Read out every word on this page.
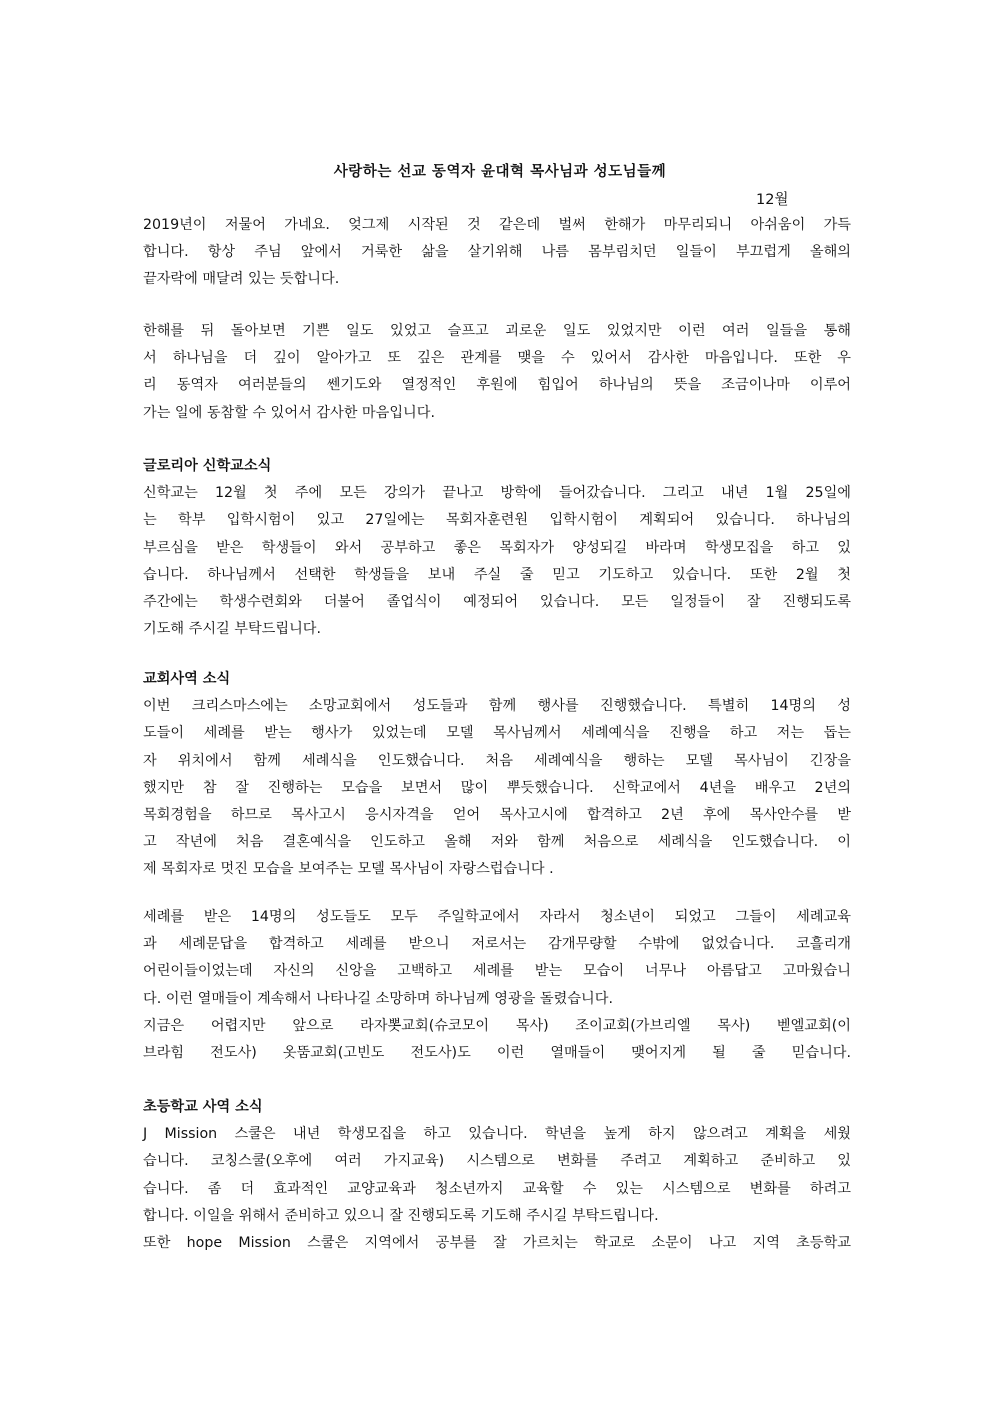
사랑하는 선교 동역자 윤대혁 목사님과 성도님들께
12월
2019년이 저물어 가네요. 엊그제 시작된 것 같은데 벌써 한해가 마무리되니 아쉬움이 가득
합니다. 항상 주님 앞에서 거룩한 삶을 살기위해 나름 몸부림치던 일들이 부끄럽게 올해의
끝자락에 매달려 있는 듯합니다.
한해를 뒤 돌아보면 기쁜 일도 있었고 슬프고 괴로운 일도 있었지만 이런 여러 일들을 통해
서 하나님을 더 깊이 알아가고 또 깊은 관계를 맺을 수 있어서 감사한 마음입니다. 또한 우
리 동역자 여러분들의 쎈기도와 열정적인 후원에 힘입어 하나님의 뜻을 조금이나마 이루어
가는 일에 동참할 수 있어서 감사한 마음입니다.
글로리아 신학교소식
신학교는 12월 첫 주에 모든 강의가 끝나고 방학에 들어갔습니다. 그리고 내년 1월 25일에
는 학부 입학시험이 있고 27일에는 목회자훈련원 입학시험이 계획되어 있습니다. 하나님의
부르심을 받은 학생들이 와서 공부하고 좋은 목회자가 양성되길 바라며 학생모집을 하고 있
습니다. 하나님께서 선택한 학생들을 보내 주실 줄 믿고 기도하고 있습니다. 또한 2월 첫
주간에는 학생수련회와 더불어 졸업식이 예정되어 있습니다. 모든 일정들이 잘 진행되도록
기도해 주시길 부탁드립니다.
교회사역 소식
이번 크리스마스에는 소망교회에서 성도들과 함께 행사를 진행했습니다. 특별히 14명의 성
도들이 세례를 받는 행사가 있었는데 모델 목사님께서 세례예식을 진행을 하고 저는 돕는
자 위치에서 함께 세례식을 인도했습니다. 처음 세례예식을 행하는 모델 목사님이 긴장을
했지만 참 잘 진행하는 모습을 보면서 많이 뿌듯했습니다. 신학교에서 4년을 배우고 2년의
목회경험을 하므로 목사고시 응시자격을 얻어 목사고시에 합격하고 2년 후에 목사안수를 받
고 작년에 처음 결혼예식을 인도하고 올해 저와 함께 처음으로 세례식을 인도했습니다. 이
제 목회자로 멋진 모습을 보여주는 모델 목사님이 자랑스럽습니다 .
세례를 받은 14명의 성도들도 모두 주일학교에서 자라서 청소년이 되었고 그들이 세례교육
과 세례문답을 합격하고 세례를 받으니 저로서는 감개무량할 수밖에 없었습니다. 코흘리개
어린이들이었는데 자신의 신앙을 고백하고 세례를 받는 모습이 너무나 아름답고 고마웠습니
다. 이런 열매들이 계속해서 나타나길 소망하며 하나님께 영광을 돌렸습니다.
지금은 어렵지만 앞으로 라자뽓교회(슈코모이 목사) 조이교회(가브리엘 목사) 벧엘교회(이
브라힘 전도사) 옷뚬교회(고빈도 전도사)도 이런 열매들이 맺어지게 될 줄 믿습니다.
초등학교 사역 소식
J Mission 스쿨은 내년 학생모집을 하고 있습니다. 학년을 높게 하지 않으려고 계획을 세웠
습니다. 코칭스쿨(오후에 여러 가지교육) 시스템으로 변화를 주려고 계획하고 준비하고 있
습니다. 좀 더 효과적인 교양교육과 청소년까지 교육할 수 있는 시스템으로 변화를 하려고
합니다. 이일을 위해서 준비하고 있으니 잘 진행되도록 기도해 주시길 부탁드립니다.
또한 hope Mission 스쿨은 지역에서 공부를 잘 가르치는 학교로 소문이 나고 지역 초등학교
